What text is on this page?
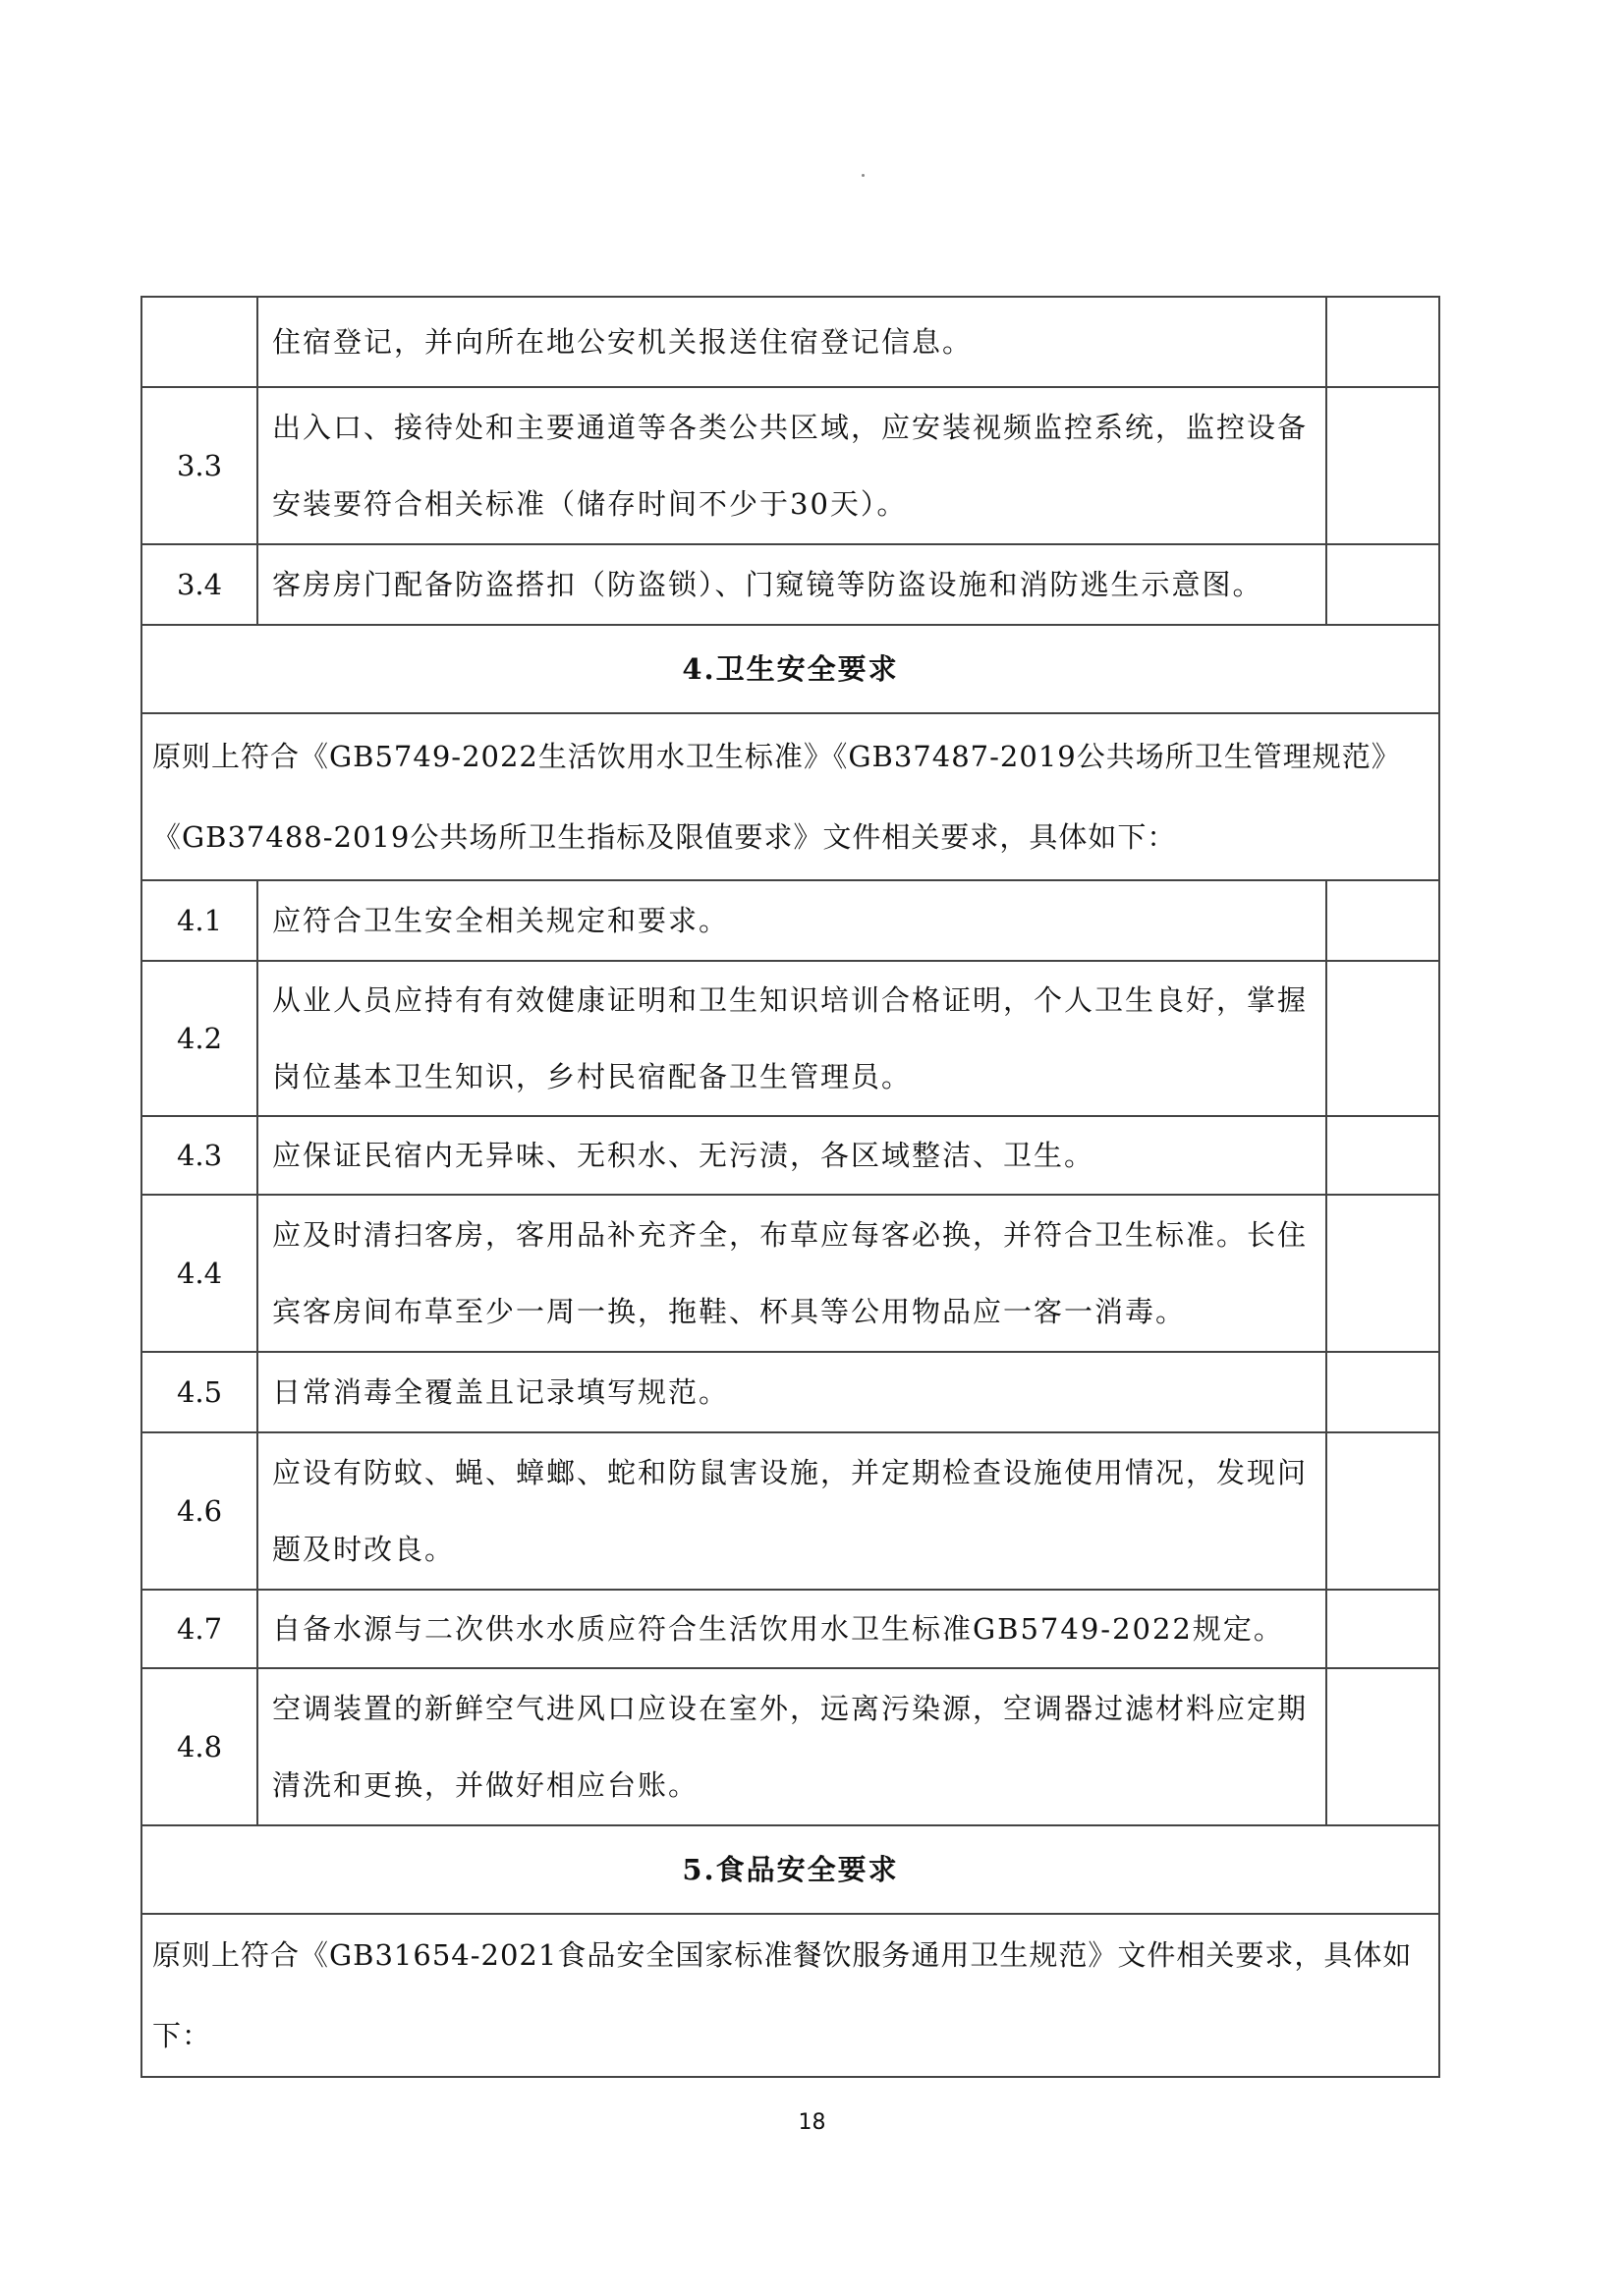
	住宿登记，并向所在地公安机关报送住宿登记信息。	
3.3	出入口、接待处和主要通道等各类公共区域，应安装视频监控系统，监控设备安装要符合相关标准（储存时间不少于30天）。	
3.4	客房房门配备防盗搭扣（防盗锁）、门窥镜等防盗设施和消防逃生示意图。	
4.卫生安全要求		
原则上符合《GB5749-2022生活饮用水卫生标准》《GB37487-2019公共场所卫生管理规范》《GB37488-2019公共场所卫生指标及限值要求》文件相关要求，具体如下：		
4.1	应符合卫生安全相关规定和要求。	
4.2	从业人员应持有有效健康证明和卫生知识培训合格证明，个人卫生良好，掌握岗位基本卫生知识，乡村民宿配备卫生管理员。	
4.3	应保证民宿内无异味、无积水、无污渍，各区域整洁、卫生。	
4.4	应及时清扫客房，客用品补充齐全，布草应每客必换，并符合卫生标准。长住宾客房间布草至少一周一换，拖鞋、杯具等公用物品应一客一消毒。	
4.5	日常消毒全覆盖且记录填写规范。	
4.6	应设有防蚊、蝇、蟑螂、蛇和防鼠害设施，并定期检查设施使用情况，发现问题及时改良。	
4.7	自备水源与二次供水水质应符合生活饮用水卫生标准GB5749-2022规定。	
4.8	空调装置的新鲜空气进风口应设在室外，远离污染源，空调器过滤材料应定期清洗和更换，并做好相应台账。	
5.食品安全要求		
原则上符合《GB31654-2021食品安全国家标准餐饮服务通用卫生规范》文件相关要求，具体如下：		
18
